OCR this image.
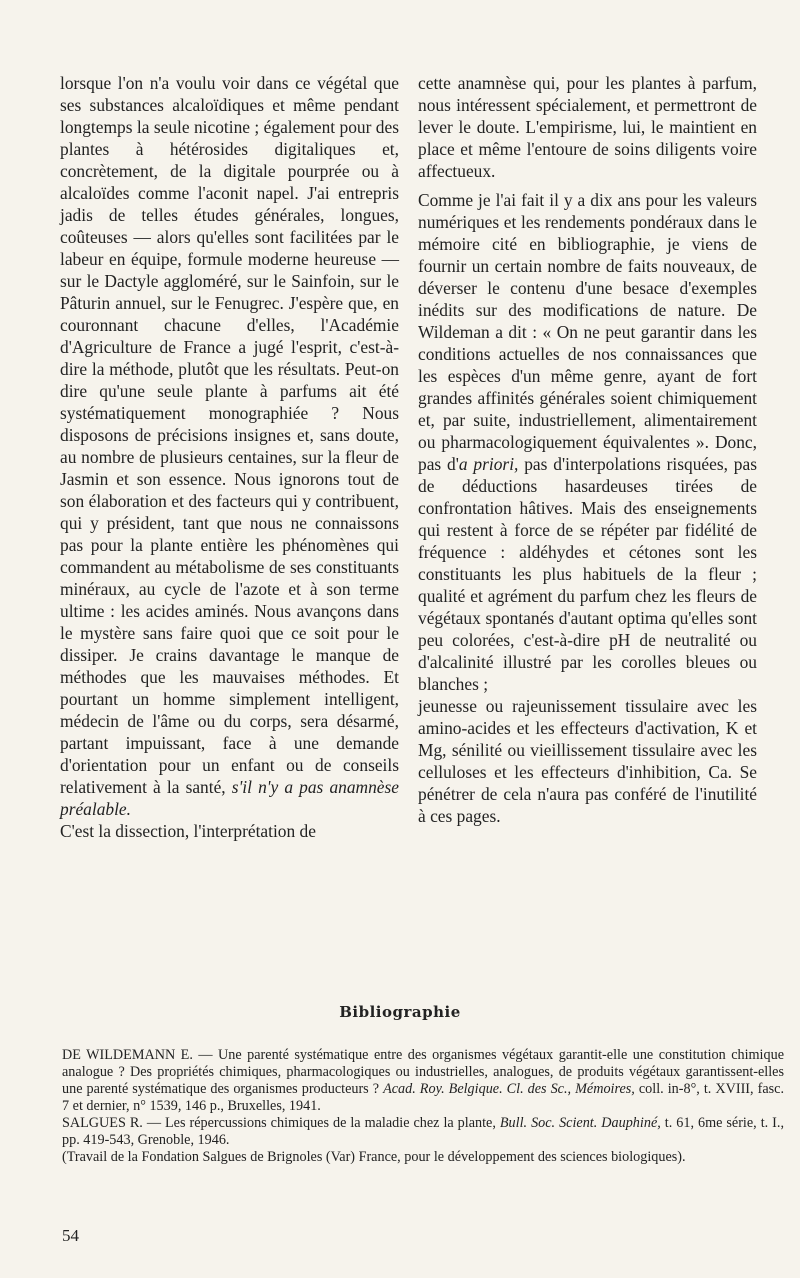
lorsque l'on n'a voulu voir dans ce végétal que ses substances alcaloïdiques et même pendant longtemps la seule nicotine ; également pour des plantes à hétérosides digitaliques et, concrètement, de la digitale pourprée ou à alcaloïdes comme l'aconit napel. J'ai entrepris jadis de telles études générales, longues, coûteuses — alors qu'elles sont facilitées par le labeur en équipe, formule moderne heureuse — sur le Dactyle aggloméré, sur le Sainfoin, sur le Pâturin annuel, sur le Fenugrec. J'espère que, en couronnant chacune d'elles, l'Académie d'Agriculture de France a jugé l'esprit, c'est-à-dire la méthode, plutôt que les résultats. Peut-on dire qu'une seule plante à parfums ait été systématiquement monographiée ? Nous disposons de précisions insignes et, sans doute, au nombre de plusieurs centaines, sur la fleur de Jasmin et son essence. Nous ignorons tout de son élaboration et des facteurs qui y contribuent, qui y président, tant que nous ne connaissons pas pour la plante entière les phénomènes qui commandent au métabolisme de ses constituants minéraux, au cycle de l'azote et à son terme ultime : les acides aminés. Nous avançons dans le mystère sans faire quoi que ce soit pour le dissiper. Je crains davantage le manque de méthodes que les mauvaises méthodes. Et pourtant un homme simplement intelligent, médecin de l'âme ou du corps, sera désarmé, partant impuissant, face à une demande d'orientation pour un enfant ou de conseils relativement à la santé, s'il n'y a pas anamnèse préalable.

C'est la dissection, l'interprétation de

cette anamnèse qui, pour les plantes à parfum, nous intéressent spécialement, et permettront de lever le doute. L'empirisme, lui, le maintient en place et même l'entoure de soins diligents voire affectueux.

Comme je l'ai fait il y a dix ans pour les valeurs numériques et les rendements pondéraux dans le mémoire cité en bibliographie, je viens de fournir un certain nombre de faits nouveaux, de déverser le contenu d'une besace d'exemples inédits sur des modifications de nature. De Wildeman a dit : « On ne peut garantir dans les conditions actuelles de nos connaissances que les espèces d'un même genre, ayant de fort grandes affinités générales soient chimiquement et, par suite, industriellement, alimentairement ou pharmacologiquement équivalentes ». Donc, pas d'a priori, pas d'interpolations risquées, pas de déductions hasardeuses tirées de confrontation hâtives. Mais des enseignements qui restent à force de se répéter par fidélité de fréquence : aldéhydes et cétones sont les constituants les plus habituels de la fleur ; qualité et agrément du parfum chez les fleurs de végétaux spontanés d'autant optima qu'elles sont peu colorées, c'est-à-dire pH de neutralité ou d'alcalinité illustré par les corolles bleues ou blanches ;

jeunesse ou rajeunissement tissulaire avec les amino-acides et les effecteurs d'activation, K et Mg, sénilité ou vieillissement tissulaire avec les celluloses et les effecteurs d'inhibition, Ca. Se pénétrer de cela n'aura pas conféré de l'inutilité à ces pages.

Bibliographie

DE WILDEMANN E. — Une parenté systématique entre des organismes végétaux garantit-elle une constitution chimique analogue ? Des propriétés chimiques, pharmacologiques ou industrielles, analogues, de produits végétaux garantissent-elles une parenté systématique des organismes producteurs ? Acad. Roy. Belgique. Cl. des Sc., Mémoires, coll. in-8°, t. XVIII, fasc. 7 et dernier, n° 1539, 146 p., Bruxelles, 1941.

SALGUES R. — Les répercussions chimiques de la maladie chez la plante, Bull. Soc. Scient. Dauphiné, t. 61, 6me série, t. I., pp. 419-543, Grenoble, 1946.

(Travail de la Fondation Salgues de Brignoles (Var) France, pour le développement des sciences biologiques).

54
